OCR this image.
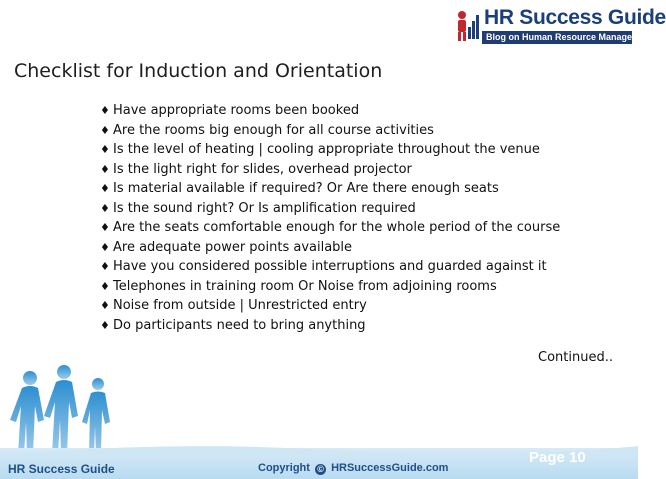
HR Success Guide
Blog on Human Resource Management
Checklist for Induction and Orientation
♦ Have appropriate rooms been booked
♦ Are the rooms big enough for all course activities
♦ Is the level of heating | cooling appropriate throughout the venue
♦ Is the light right for slides, overhead projector
♦ Is material available if required? Or Are there enough seats
♦ Is the sound right? Or Is amplification required
♦ Are the seats comfortable enough for the whole period of the course
♦ Are adequate power points available
♦ Have you considered possible interruptions and guarded against it
♦ Telephones in training room Or Noise from adjoining rooms
♦ Noise from outside | Unrestricted entry
♦ Do participants need to bring anything
Continued..
HR Success Guide	Copyright © HRSuccessGuide.com
Page 10
